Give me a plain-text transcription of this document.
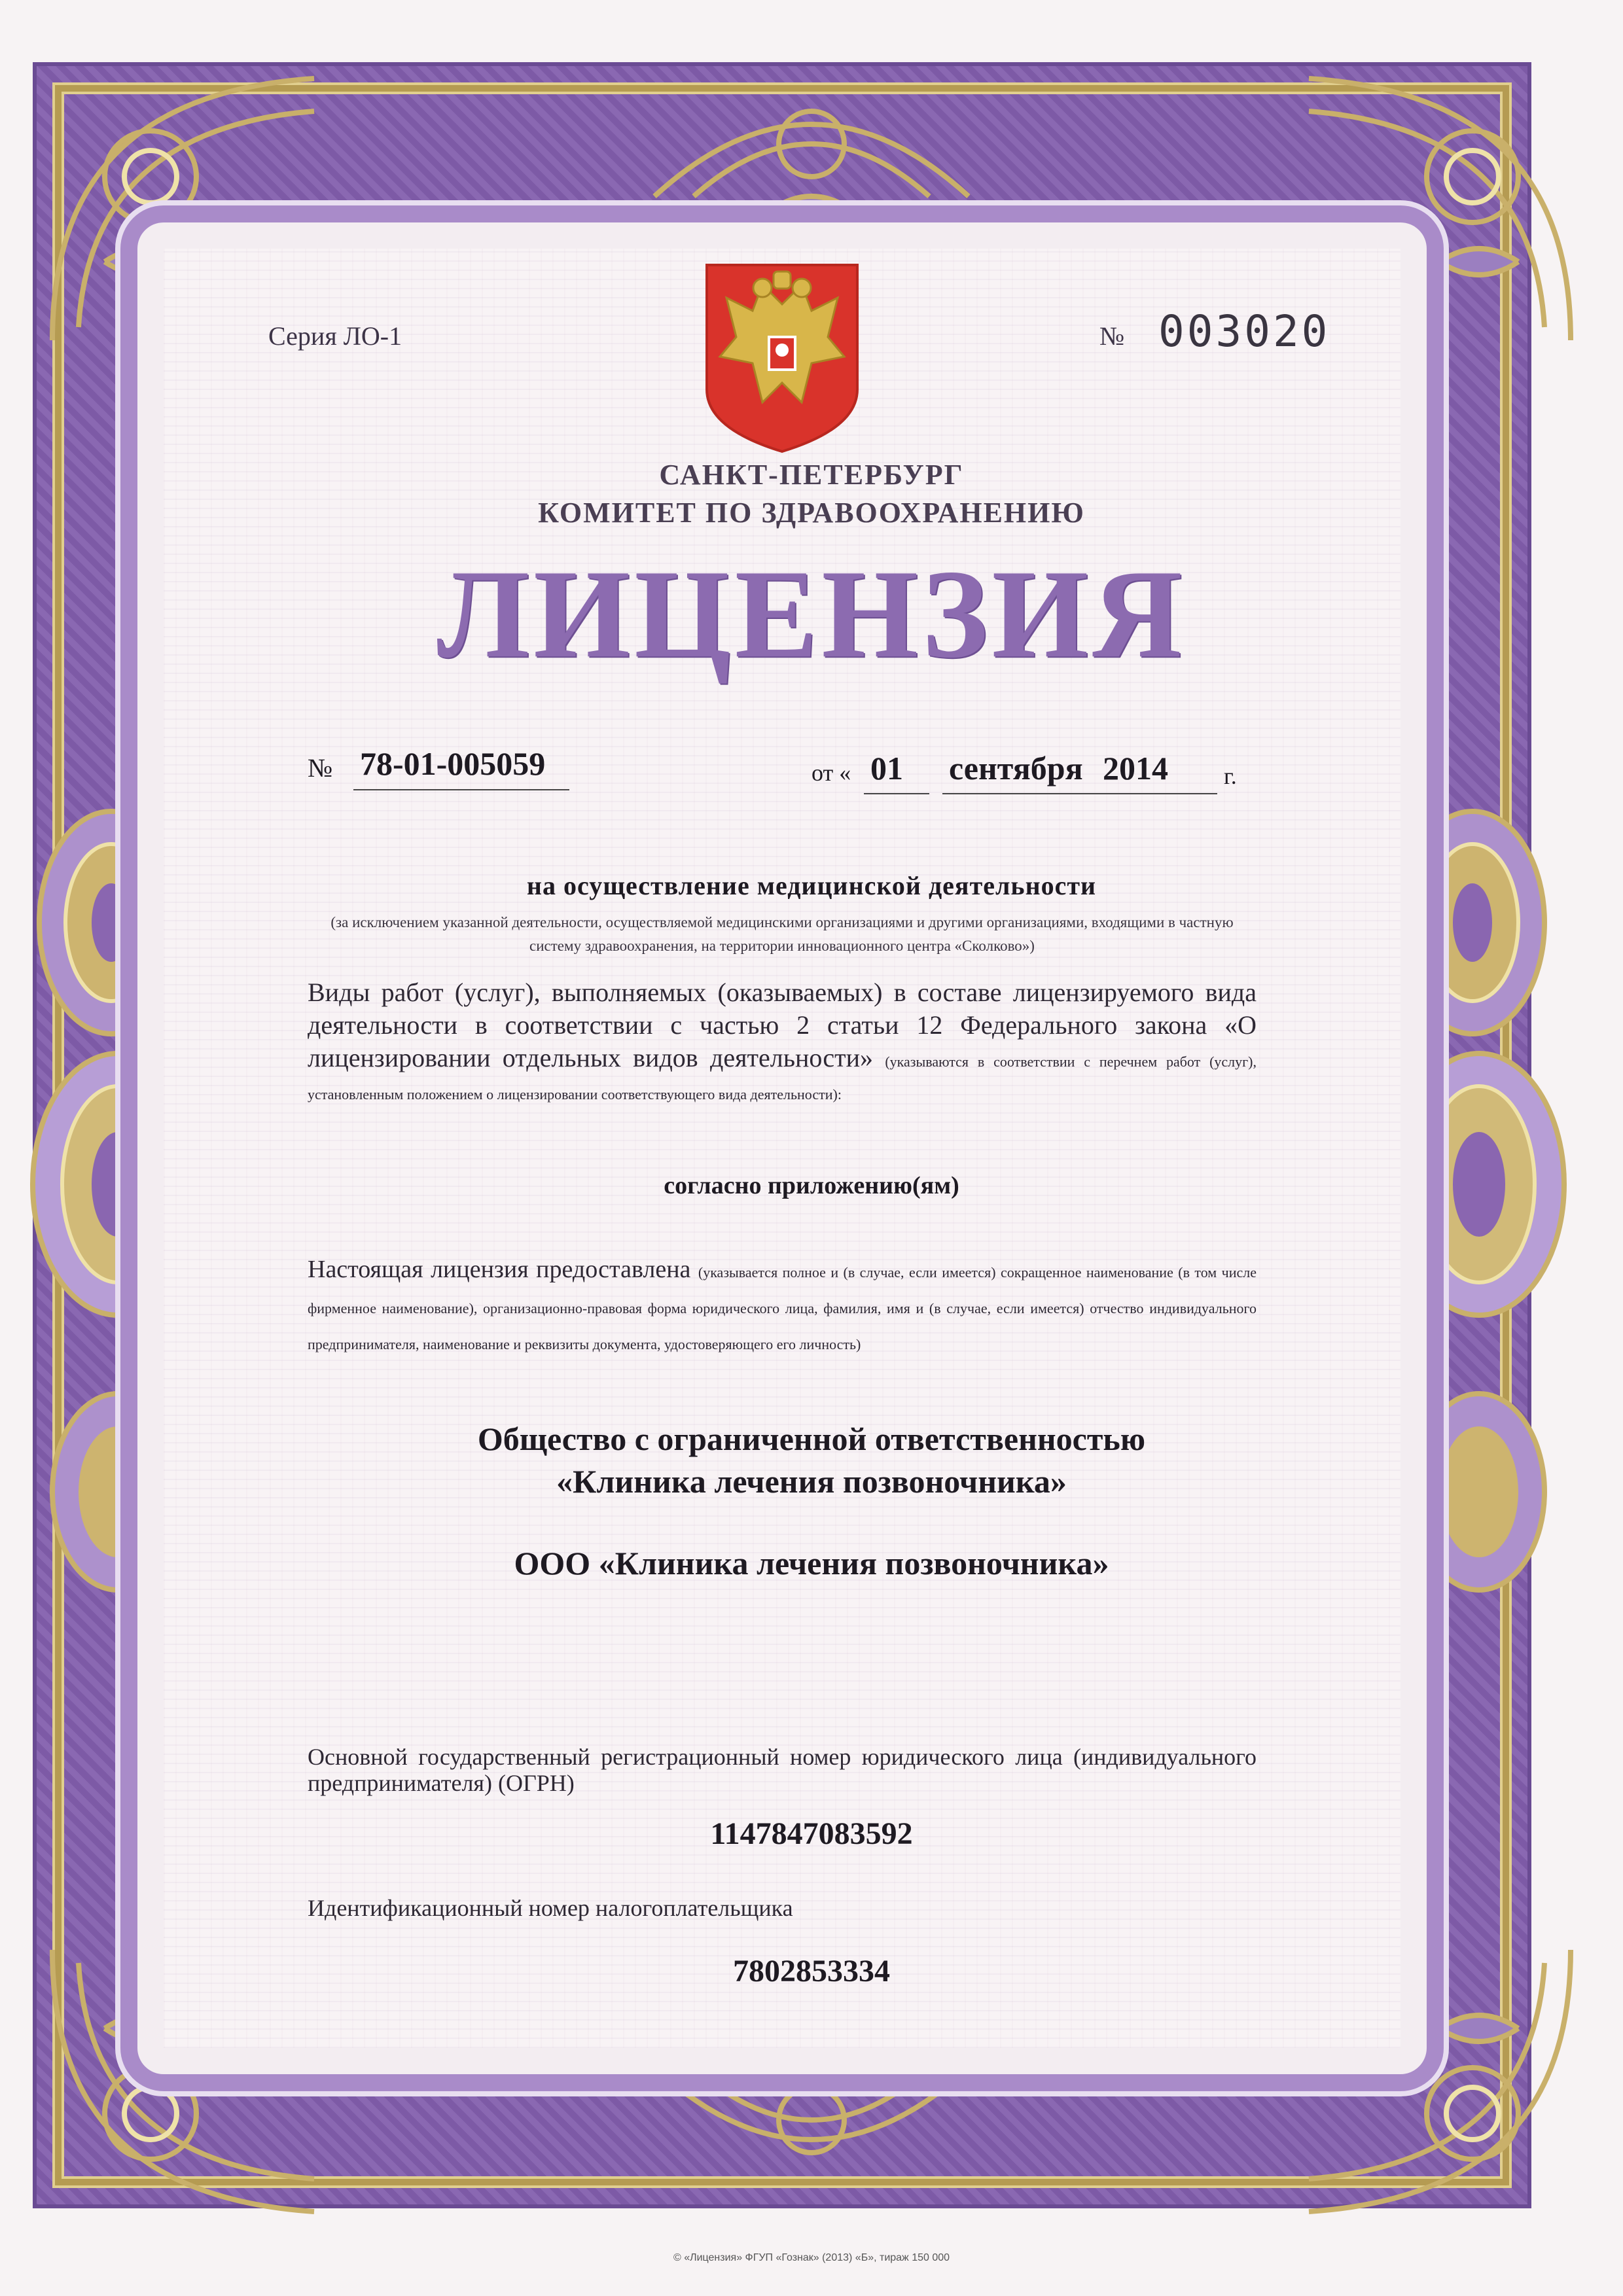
Серия ЛО-1	№ 003020
САНКТ-ПЕТЕРБУРГ
КОМИТЕТ ПО ЗДРАВООХРАНЕНИЮ
ЛИЦЕНЗИЯ
№ 78-01-005059	от « 01 сентября 2014 г.
на осуществление медицинской деятельности
(за исключением указанной деятельности, осуществляемой медицинскими организациями и другими организациями, входящими в частную систему здравоохранения, на территории инновационного центра «Сколково»)
Виды работ (услуг), выполняемых (оказываемых) в составе лицензируемого вида деятельности в соответствии с частью 2 статьи 12 Федерального закона «О лицензировании отдельных видов деятельности» (указываются в соответствии с перечнем работ (услуг), установленным положением о лицензировании соответствующего вида деятельности):
согласно приложению(ям)
Настоящая лицензия предоставлена (указывается полное и (в случае, если имеется) сокращенное наименование (в том числе фирменное наименование), организационно-правовая форма юридического лица, фамилия, имя и (в случае, если имеется) отчество индивидуального предпринимателя, наименование и реквизиты документа, удостоверяющего его личность)
Общество с ограниченной ответственностью
«Клиника лечения позвоночника»
ООО «Клиника лечения позвоночника»
Основной государственный регистрационный номер юридического лица (индивидуального предпринимателя) (ОГРН)
1147847083592
Идентификационный номер налогоплательщика
7802853334
© «Лицензия» ФГУП «Гознак» (2013) «Б», тираж 150 000
